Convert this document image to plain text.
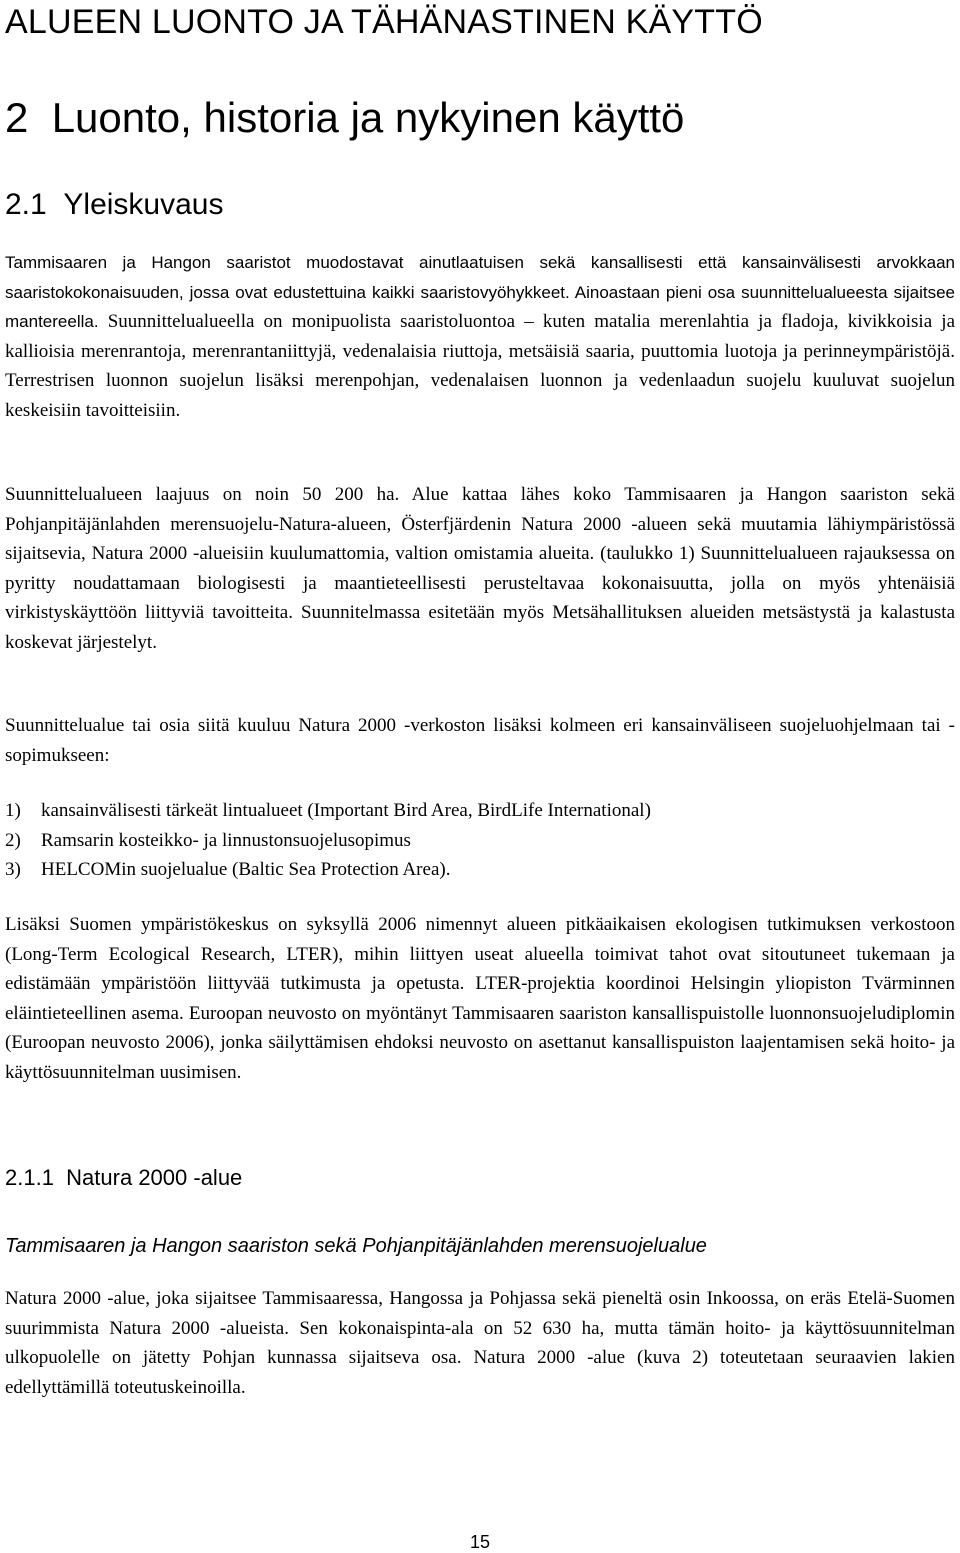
ALUEEN LUONTO JA TÄHÄNASTINEN KÄYTTÖ
2 Luonto, historia ja nykyinen käyttö
2.1 Yleiskuvaus
Tammisaaren ja Hangon saaristot muodostavat ainutlaatuisen sekä kansallisesti että kansainvälisesti arvokkaan saaristokokonaisuuden, jossa ovat edustettuina kaikki saaristovyöhykkeet. Ainoastaan pieni osa suunnittelualueesta sijaitsee mantereella. Suunnittelualueella on monipuolista saaristoluontoa – kuten matalia merenlahtia ja fladoja, kivikkoisia ja kallioisia merenrantoja, merenrantaniittyjä, vedenalaisia riuttoja, metsäisiä saaria, puuttomia luotoja ja perinneympäristöjä. Terrestrisen luonnon suojelun lisäksi merenpohjan, vedenalaisen luonnon ja vedenlaadun suojelu kuuluvat suojelun keskeisiin tavoitteisiin.
Suunnittelualueen laajuus on noin 50 200 ha. Alue kattaa lähes koko Tammisaaren ja Hangon saariston sekä Pohjanpitäjänlahden merensuojelu-Natura-alueen, Österfjärdenin Natura 2000 -alueen sekä muutamia lähiympäristössä sijaitsevia, Natura 2000 -alueisiin kuulumattomia, valtion omistamia alueita. (taulukko 1) Suunnittelualueen rajauksessa on pyritty noudattamaan biologisesti ja maantieteellisesti perusteltavaa kokonaisuutta, jolla on myös yhtenäisiä virkistyskäyttöön liittyviä tavoitteita. Suunnitelmassa esitetään myös Metsähallituksen alueiden metsästystä ja kalastusta koskevat järjestelyt.
Suunnittelualue tai osia siitä kuuluu Natura 2000 -verkoston lisäksi kolmeen eri kansainväliseen suojeluohjelmaan tai -sopimukseen:
1)	kansainvälisesti tärkeät lintualueet (Important Bird Area, BirdLife International)
2)	Ramsarin kosteikko- ja linnustonsuojelusopimus
3)	HELCOMin suojelualue (Baltic Sea Protection Area).
Lisäksi Suomen ympäristökeskus on syksyllä 2006 nimennyt alueen pitkäaikaisen ekologisen tutkimuksen verkostoon (Long-Term Ecological Research, LTER), mihin liittyen useat alueella toimivat tahot ovat sitoutuneet tukemaan ja edistämään ympäristöön liittyvää tutkimusta ja opetusta. LTER-projektia koordinoi Helsingin yliopiston Tvärminnen eläintieteellinen asema. Euroopan neuvosto on myöntänyt Tammisaaren saariston kansallispuistolle luonnonsuojeludiplomin (Euroopan neuvosto 2006), jonka säilyttämisen ehdoksi neuvosto on asettanut kansallispuiston laajentamisen sekä hoito- ja käyttösuunnitelman uusimisen.
2.1.1 Natura 2000 -alue
Tammisaaren ja Hangon saariston sekä Pohjanpitäjänlahden merensuojelualue
Natura 2000 -alue, joka sijaitsee Tammisaaressa, Hangossa ja Pohjassa sekä pieneltä osin Inkoossa, on eräs Etelä-Suomen suurimmista Natura 2000 -alueista. Sen kokonaispinta-ala on 52 630 ha, mutta tämän hoito- ja käyttösuunnitelman ulkopuolelle on jätetty Pohjan kunnassa sijaitseva osa. Natura 2000 -alue (kuva 2) toteutetaan seuraavien lakien edellyttämillä toteutuskeinoilla.
15
